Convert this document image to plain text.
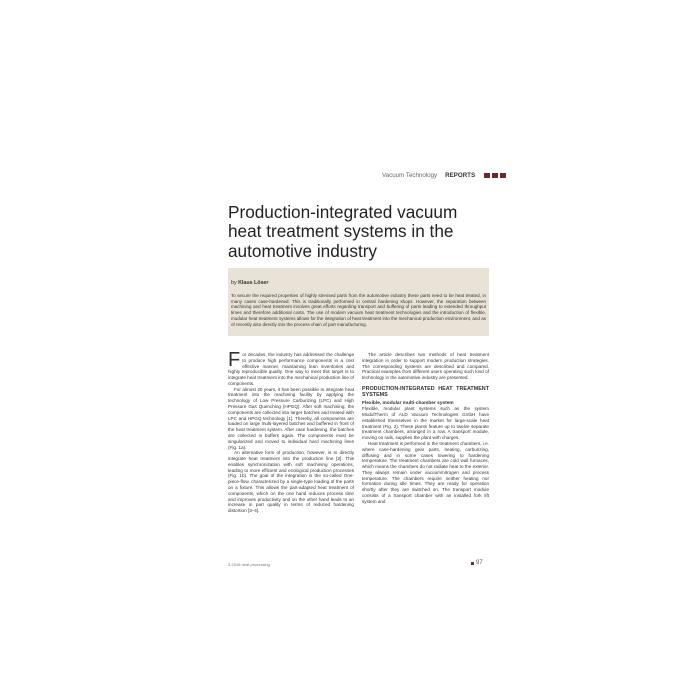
Vacuum Technology REPORTS
Production-integrated vacuum heat treatment systems in the automotive industry
by Klaus Löser

To secure the required properties of highly stressed parts from the automotive industry these parts need to be heat treated, in many cases case-hardened. This is traditionally performed in central hardening shops. However, the separation between machining and heat treatment involves great efforts regarding transport and buffering of parts leading to extended throughput times and therefore additional costs. The use of modern vacuum heat treatment technologies and the introduction of flexible, modular heat treatment systems allows for the integration of heat treatment into the mechanical production environment, and as of recently also directly into the process chain of part manufacturing.

For decades, the industry has addressed the challenge to produce high performance components in a cost effective manner, maintaining lean inventories and highly reproducible quality. One way to meet this target is to integrate heat treatment into the mechanical production line of components.

For almost 20 years, it has been possible to integrate heat treatment into the machining facility by applying the technology of Low Pressure Carburizing (LPC) and High Pressure Gas Quenching (HPGQ). After soft machining, the components are collected into larger batches and treated with LPC and HPGQ technology [1]. Thereby, all components are loaded on large multi-layered batches and buffered in front of the heat treatment system. After case hardening, the batches are collected in buffers again. The components must be singularized and moved to individual hard machining lines (Fig. 1a).

An alternative form of production, however, is to directly integrate heat treatment into the production line [2]. This enables synchronization with soft machining operations, leading to more efficient and ecological production processes (Fig. 1b). The goal of the integration is the so-called One-piece-flow, characterized by a single-type loading of the parts on a fixture. This allows the part-adapted heat treatment of components, which on the one hand reduces process time and improves productivity and on the other hand leads to an increase in part quality in terms of reduced hardening distortion [3–4].

The article describes two methods of heat treatment integration in order to support modern production strategies. The corresponding systems are described and compared. Practical examples from different users operating such kind of technology in the automotive industry are presented.

PRODUCTION-INTEGRATED HEAT TREATMENT SYSTEMS
Flexible, modular multi-chamber system

Flexible, modular plant systems such as the system ModulTherm of ALD Vacuum Technologies GmbH have established themselves in the market for large-scale heat treatment (Fig. 2). These plants feature up to twelve separate treatment chambers, arranged in a row. A transport module, moving on rails, supplies the plant with charges.

Heat treatment is performed in the treatment chambers, i.e. where case-hardening gear parts, heating, carburizing, diffusing and in some cases lowering to hardening temperature. The treatment chambers are cold wall furnaces, which means the chambers do not radiate heat to the exterior. They always remain under vacuum/nitrogen and process temperature. The chambers require neither heating nor formation during idle times. They are ready for operation shortly after they are switched on. The transport module consists of a transport chamber with an installed fork lift system and

3-2016 heat processing	97
